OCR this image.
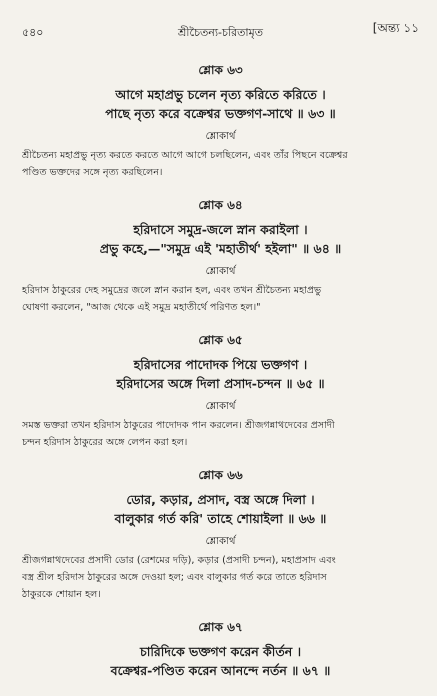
৫৪০	শ্রীচৈতন্য-চরিতামৃত	[অন্ত্য ১১
শ্লোক ৬৩
আগে মহাপ্রভু চলেন নৃত্য করিতে করিতে ।
পাছে নৃত্য করে বক্রেশ্বর ভক্তগণ-সাথে ॥ ৬৩ ॥
শ্লোকার্থ
শ্রীচৈতন্য মহাপ্রভু নৃত্য করতে করতে আগে আগে চলছিলেন, এবং তাঁর পিছনে বক্রেশ্বর
পণ্ডিত ভক্তদের সঙ্গে নৃত্য করছিলেন।
শ্লোক ৬৪
হরিদাসে সমুদ্র-জলে স্নান করাইলা ।
প্রভু কহে,—"সমুদ্র এই 'মহাতীর্থ' হইলা" ॥ ৬৪ ॥
শ্লোকার্থ
হরিদাস ঠাকুরের দেহ সমুদ্রের জলে স্নান করান হল, এবং তখন শ্রীচৈতন্য মহাপ্রভু
ঘোষণা করলেন, "আজ থেকে এই সমুদ্র মহাতীর্থে পরিণত হল।"
শ্লোক ৬৫
হরিদাসের পাদোদক পিয়ে ভক্তগণ ।
হরিদাসের অঙ্গে দিলা প্রসাদ-চন্দন ॥ ৬৫ ॥
শ্লোকার্থ
সমস্ত ভক্তরা তখন হরিদাস ঠাকুরের পাদোদক পান করলেন। শ্রীজগন্নাথদেবের প্রসাদী
চন্দন হরিদাস ঠাকুরের অঙ্গে লেপন করা হল।
শ্লোক ৬৬
ডোর, কড়ার, প্রসাদ, বস্ত্র অঙ্গে দিলা ।
বালুকার গর্ত করি' তাহে শোয়াইলা ॥ ৬৬ ॥
শ্লোকার্থ
শ্রীজগন্নাথদেবের প্রসাদী ডোর (রেশমের দড়ি), কড়ার (প্রসাদী চন্দন), মহাপ্রসাদ এবং
বস্ত্র শ্রীল হরিদাস ঠাকুরের অঙ্গে দেওয়া হল; এবং বালুকার গর্ত করে তাতে হরিদাস
ঠাকুরকে শোয়ান হল।
শ্লোক ৬৭
চারিদিকে ভক্তগণ করেন কীর্তন ।
বক্রেশ্বর-পণ্ডিত করেন আনন্দে নর্তন ॥ ৬৭ ॥
